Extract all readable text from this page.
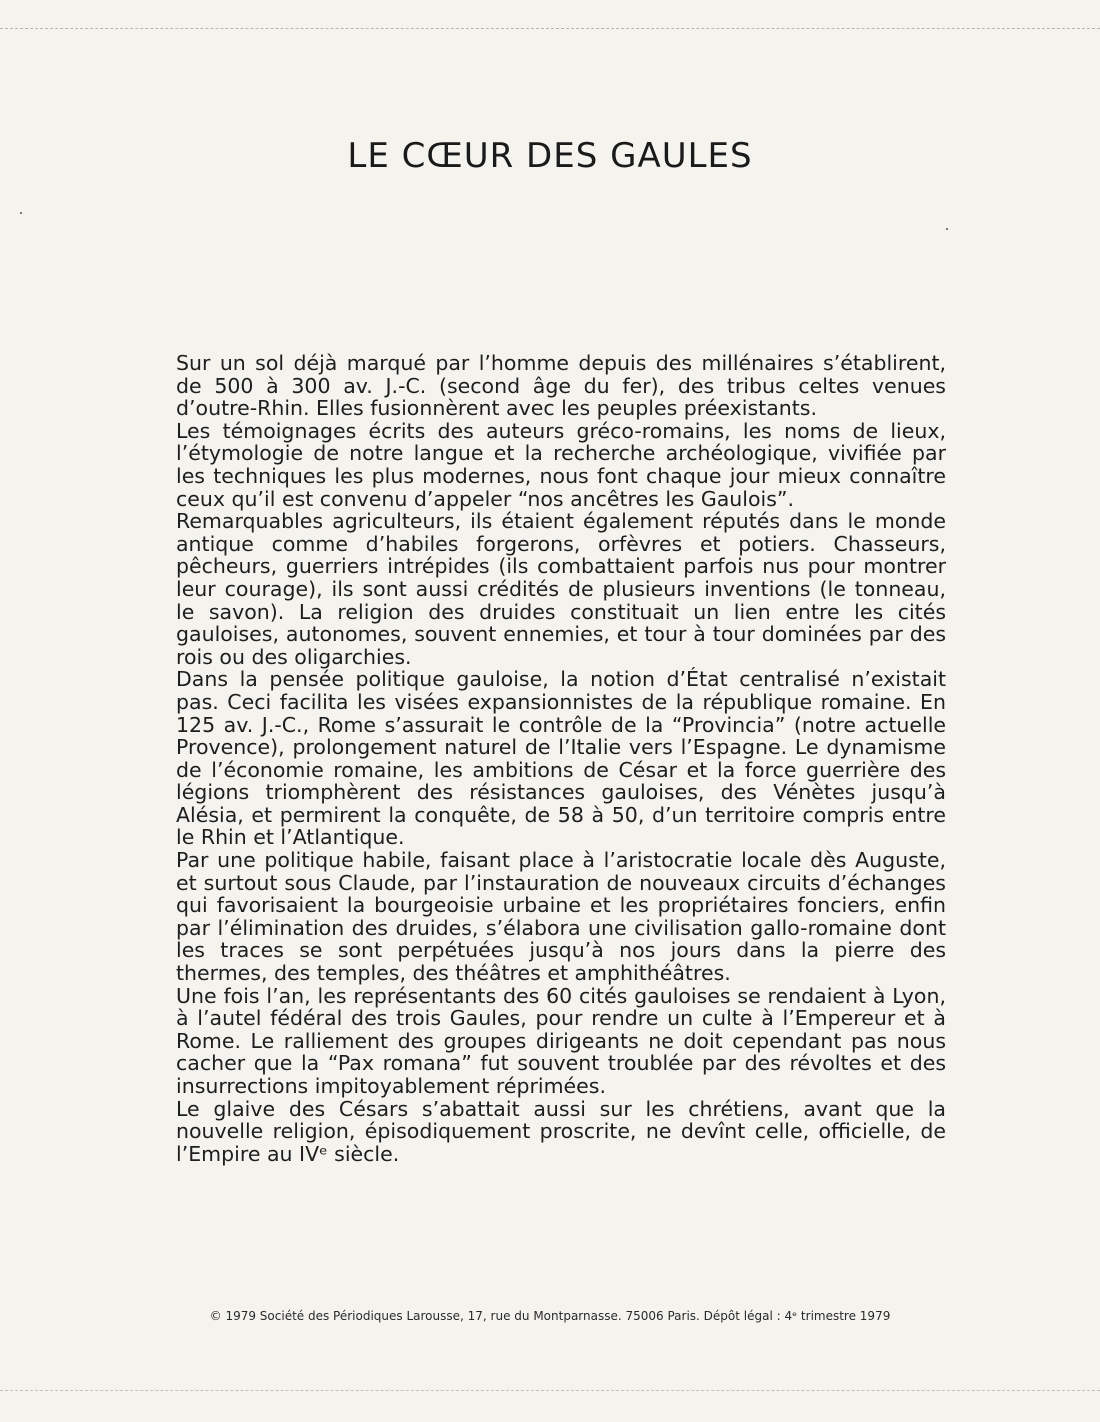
LE CŒUR DES GAULES

Sur un sol déjà marqué par l’homme depuis des millénaires s’établirent, de 500 à 300 av. J.-C. (second âge du fer), des tribus celtes venues d’outre-Rhin. Elles fusionnèrent avec les peuples préexistants.

Les témoignages écrits des auteurs gréco-romains, les noms de lieux, l’étymologie de notre langue et la recherche archéologique, vivifiée par les techniques les plus modernes, nous font chaque jour mieux connaître ceux qu’il est convenu d’appeler “nos ancêtres les Gaulois”.

Remarquables agriculteurs, ils étaient également réputés dans le monde antique comme d’habiles forgerons, orfèvres et potiers. Chasseurs, pêcheurs, guerriers intrépides (ils combattaient parfois nus pour montrer leur courage), ils sont aussi crédités de plusieurs inventions (le tonneau, le savon). La religion des druides constituait un lien entre les cités gauloises, autonomes, souvent ennemies, et tour à tour dominées par des rois ou des oligarchies.

Dans la pensée politique gauloise, la notion d’État centralisé n’existait pas. Ceci facilita les visées expansionnistes de la république romaine. En 125 av. J.-C., Rome s’assurait le contrôle de la “Provincia” (notre actuelle Provence), prolongement naturel de l’Italie vers l’Espagne. Le dynamisme de l’économie romaine, les ambitions de César et la force guerrière des légions triomphèrent des résistances gauloises, des Vénètes jusqu’à Alésia, et permirent la conquête, de 58 à 50, d’un territoire compris entre le Rhin et l’Atlantique.

Par une politique habile, faisant place à l’aristocratie locale dès Auguste, et surtout sous Claude, par l’instauration de nouveaux circuits d’échanges qui favorisaient la bourgeoisie urbaine et les propriétaires fonciers, enfin par l’élimination des druides, s’élabora une civilisation gallo-romaine dont les traces se sont perpétuées jusqu’à nos jours dans la pierre des thermes, des temples, des théâtres et amphithéâtres.

Une fois l’an, les représentants des 60 cités gauloises se rendaient à Lyon, à l’autel fédéral des trois Gaules, pour rendre un culte à l’Empereur et à Rome. Le ralliement des groupes dirigeants ne doit cependant pas nous cacher que la “Pax romana” fut souvent troublée par des révoltes et des insurrections impitoyablement réprimées.

Le glaive des Césars s’abattait aussi sur les chrétiens, avant que la nouvelle religion, épisodiquement proscrite, ne devînt celle, officielle, de l’Empire au IVᵉ siècle.

© 1979 Société des Périodiques Larousse, 17, rue du Montparnasse. 75006 Paris. Dépôt légal : 4ᵉ trimestre 1979
